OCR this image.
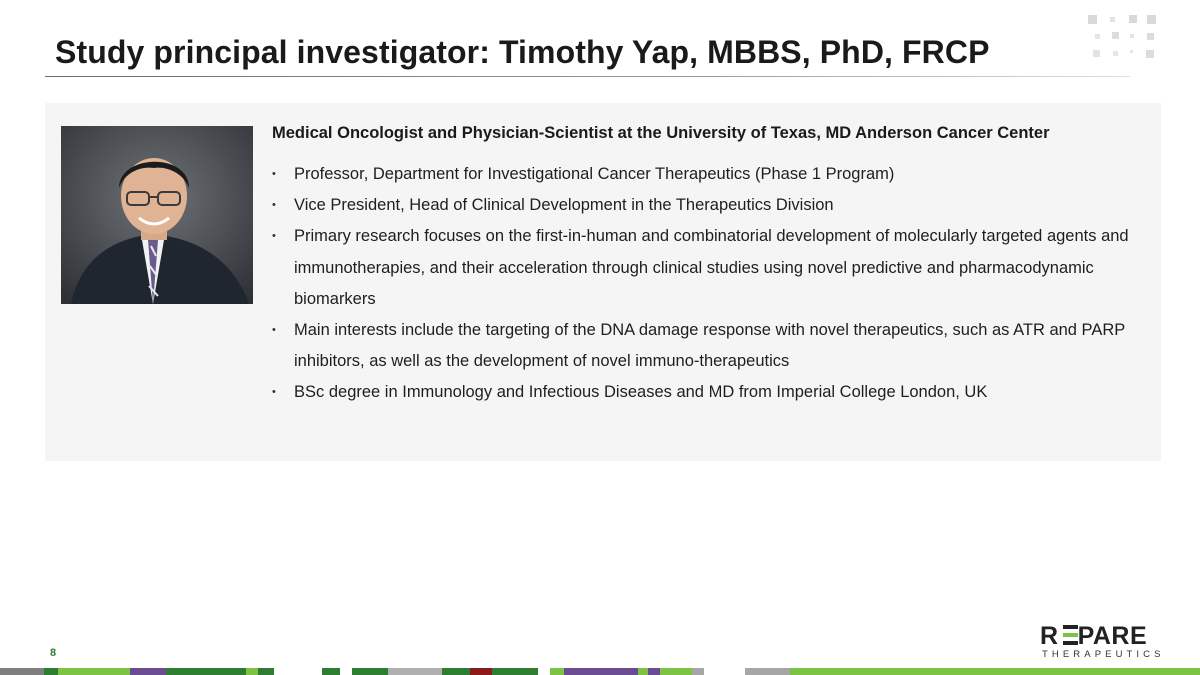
Study principal investigator: Timothy Yap, MBBS, PhD, FRCP
Medical Oncologist and Physician-Scientist at the University of Texas, MD Anderson Cancer Center
• Professor, Department for Investigational Cancer Therapeutics (Phase 1 Program)
• Vice President, Head of Clinical Development in the Therapeutics Division
• Primary research focuses on the first-in-human and combinatorial development of molecularly targeted agents and immunotherapies, and their acceleration through clinical studies using novel predictive and pharmacodynamic biomarkers
• Main interests include the targeting of the DNA damage response with novel therapeutics, such as ATR and PARP inhibitors, as well as the development of novel immuno-therapeutics
• BSc degree in Immunology and Infectious Diseases and MD from Imperial College London, UK
8
R PARE
THERAPEUTICS
